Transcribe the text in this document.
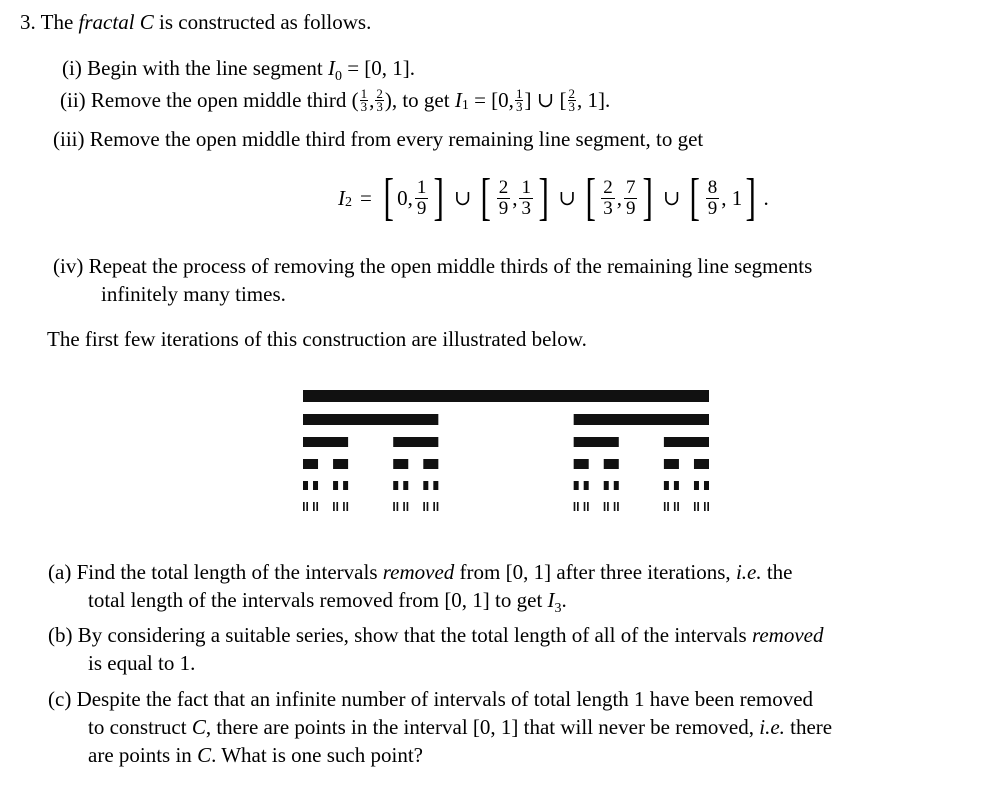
3. The fractal C is constructed as follows.
(i) Begin with the line segment $I_0 = [0$, 1].
(ii)
Remove the open middle third ( $\frac{1}{3}$ , $\frac{2}{3}$ ), to get
I 1
= [0, $\frac{1}{3}$ ] ∪ [ $\frac{2}{3}$ , 1].
(iii) Remove the open middle third from every remaining line segment, to get
I 2 = [ 0, 1
9 ] ∪ [ 2
9 , 1
3 ] ∪ [ 2
3 , 7
9 ] ∪ [ 8
9 , 1 ] .
(iv) Repeat the process of removing the open middle thirds of the remaining line segments
infinitely many times.
The first few iterations of this construction are illustrated below.
(a) Find the total length of the intervals removed from [0, 1] after three iterations, i.e. the
total length of the intervals removed from [0, 1] to get $I_3$.
(b) By considering a suitable series, show that the total length of all of the intervals removed
is equal to 1.
(c) Despite the fact that an infinite number of intervals of total length 1 have been removed
to construct C, there are points in the interval [0, 1] that will never be removed, i.e. there
are points in C. What is one such point?
